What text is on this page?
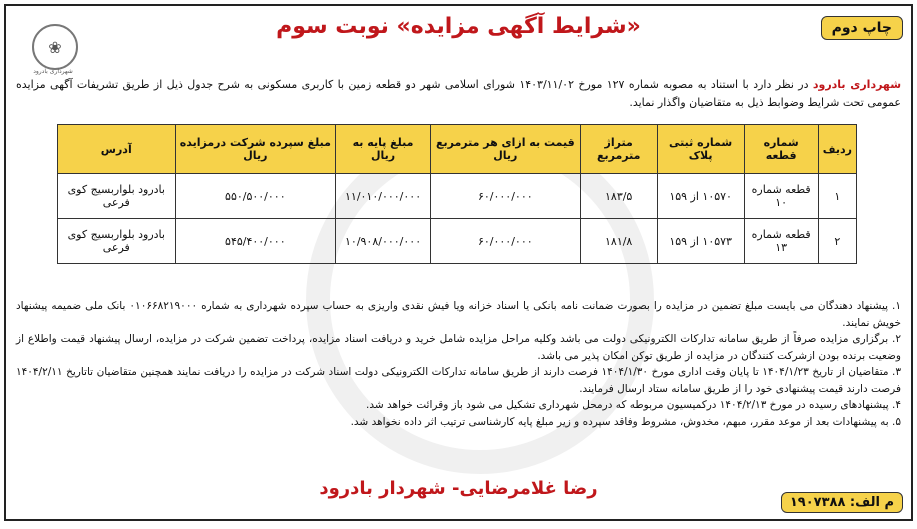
چاپ دوم
«شرایط آگهی مزایده» نوبت سوم
❀
شهرداری بادرود
شهرداری بادرود در نظر دارد با استناد به مصوبه شماره ۱۲۷ مورخ ۱۴۰۳/۱۱/۰۲ شورای اسلامی شهر دو قطعه زمین با کاربری مسکونی به شرح جدول ذیل از طریق تشریفات آگهی مزایده عمومی تحت شرایط وضوابط ذیل به متقاضیان واگذار نماید.
ردیف	شماره قطعه	شماره ثبتی پلاک	متراژ مترمربع	قیمت به ازای هر مترمربع ریال	مبلغ پایه به ریال	مبلغ سپرده شرکت درمزایده ریال	آدرس
۱	قطعه شماره ۱۰	۱۰۵۷۰ از ۱۵۹	۱۸۳/۵	۶۰/۰۰۰/۰۰۰	۱۱/۰۱۰/۰۰۰/۰۰۰	۵۵۰/۵۰۰/۰۰۰	بادرود بلواربسیج کوی فرعی
۲	قطعه شماره ۱۳	۱۰۵۷۳ از ۱۵۹	۱۸۱/۸	۶۰/۰۰۰/۰۰۰	۱۰/۹۰۸/۰۰۰/۰۰۰	۵۴۵/۴۰۰/۰۰۰	بادرود بلواربسیج کوی فرعی
۱. پیشنهاد دهندگان می بایست مبلغ تضمین در مزایده را بصورت ضمانت نامه بانکی یا اسناد خزانه ویا فیش نقدی واریزی به حساب سپرده شهرداری به شماره ۰۱۰۶۶۸۲۱۹۰۰۰ بانک ملی ضمیمه پیشنهاد خویش نمایند.
۲. برگزاری مزایده صرفاً از طریق سامانه تدارکات الکترونیکی دولت می باشد وکلیه مراحل مزایده شامل خرید و دریافت اسناد مزایده، پرداخت تضمین شرکت در مزایده، ارسال پیشنهاد قیمت واطلاع از وضعیت برنده بودن ازشرکت کنندگان در مزایده از طریق توکن امکان پذیر می باشد.
۳. متقاضیان از تاریخ ۱۴۰۴/۱/۲۳ تا پایان وقت اداری مورخ ۱۴۰۴/۱/۳۰ فرصت دارند از طریق سامانه تدارکات الکترونیکی دولت اسناد شرکت در مزایده را دریافت نمایند همچنین متقاضیان تاتاریخ ۱۴۰۴/۲/۱۱ فرصت دارند قیمت پیشنهادی خود را از طریق سامانه ستاد ارسال فرمایند.
۴. پیشنهادهای رسیده در مورخ ۱۴۰۴/۲/۱۳ درکمیسیون مربوطه که درمحل شهرداری تشکیل می شود باز وقرائت خواهد شد.
۵. به پیشنهادات بعد از موعد مقرر، مبهم، مخدوش، مشروط وفاقد سپرده و زیر مبلغ پایه کارشناسی ترتیب اثر داده نخواهد شد.
رضا غلامرضایی- شهردار بادرود
م الف: ۱۹۰۷۳۸۸
